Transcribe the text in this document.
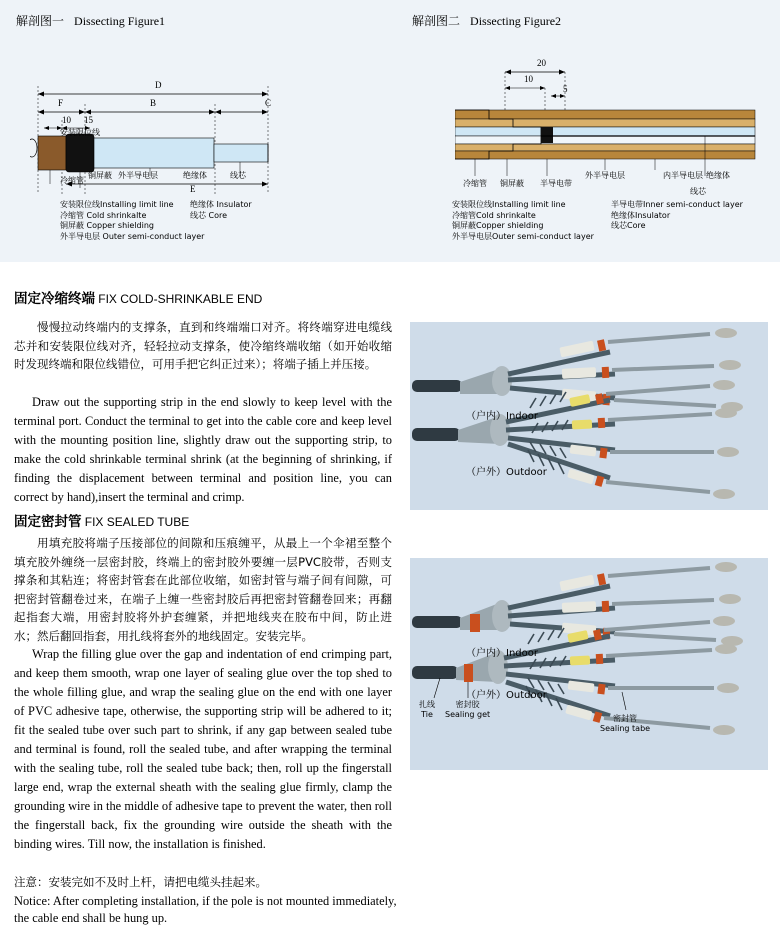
解剖图一 Dissecting Figure1
D
F	B	C
10 15
E
安装限位线
冷缩管
铜屏蔽 外半导电层	绝缘体	线芯
安装限位线Installing limit line
冷缩管 Cold shrinkalte
铜屏蔽 Copper shielding
外半导电层 Outer semi-conduct layer
绝缘体 Insulator
线芯 Core
解剖图二 Dissecting Figure2
20
10
5
冷缩管 铜屏蔽 半导电带
外半导电层	绝缘体
内半导电层
线芯
安装限位线Installing limit line
冷缩管Cold shrinkalte
铜屏蔽Copper shielding
外半导电层Outer semi-conduct layer
半导电带Inner semi-conduct layer
绝缘体Insulator
线芯Core
固定冷缩终端 FIX COLD-SHRINKABLE END
慢慢拉动终端内的支撑条，直到和终端端口对齐。将终端穿进电缆线芯并和安装限位线对齐，轻轻拉动支撑条，使冷缩终端收缩（如开始收缩时发现终端和限位线错位，可用手把它纠正过来）；将端子插上并压接。
Draw out the supporting strip in the end slowly to keep level with the terminal port. Conduct the terminal to get into the cable core and keep level with the mounting position line, slightly draw out the supporting strip, to make the cold shrinkable terminal shrink (at the beginning of shrinking, if finding the displacement between terminal and position line, you can correct by hand),insert the terminal and crimp.
（户内）Indoor
（户外）Outdoor
固定密封管 FIX SEALED TUBE
用填充胶将端子压接部位的间隙和压痕缠平，从最上一个伞裙至整个填充胶外缠绕一层密封胶，终端上的密封胶外要缠一层PVC胶带，否则支撑条和其粘连；将密封管套在此部位收缩，如密封管与端子间有间隙，可把密封管翻卷过来，在端子上缠一些密封胶后再把密封管翻卷回来；再翻起指套大端，用密封胶将外护套缠紧，并把地线夹在胶布中间，防止进水；然后翻回指套，用扎线将套外的地线固定。安装完毕。
Wrap the filling glue over the gap and indentation of end crimping part, and keep them smooth, wrap one layer of sealing glue over the top shed to the whole filling glue, and wrap the sealing glue on the end with one layer of PVC adhesive tape, otherwise, the supporting strip will be adhered to it; fit the sealed tube over such part to shrink, if any gap between sealed tube and terminal is found, roll the sealed tube, and after wrapping the terminal with the sealing tube, roll the sealed tube back; then, roll up the fingerstall large end, wrap the external sheath with the sealing glue firmly, clamp the grounding wire in the middle of adhesive tape to prevent the water, then roll the fingerstall back, fix the grounding wire outside the sheath with the binding wires. Till now, the installation is finished.
（户内）Indoor
（户外）Outdoor
扎线
Tie
密封胶
Sealing get	密封管
Sealing tabe
注意：安装完如不及时上杆，请把电缆头挂起来。
Notice: After completing installation, if the pole is not mounted immediately, the cable end shall be hung up.
